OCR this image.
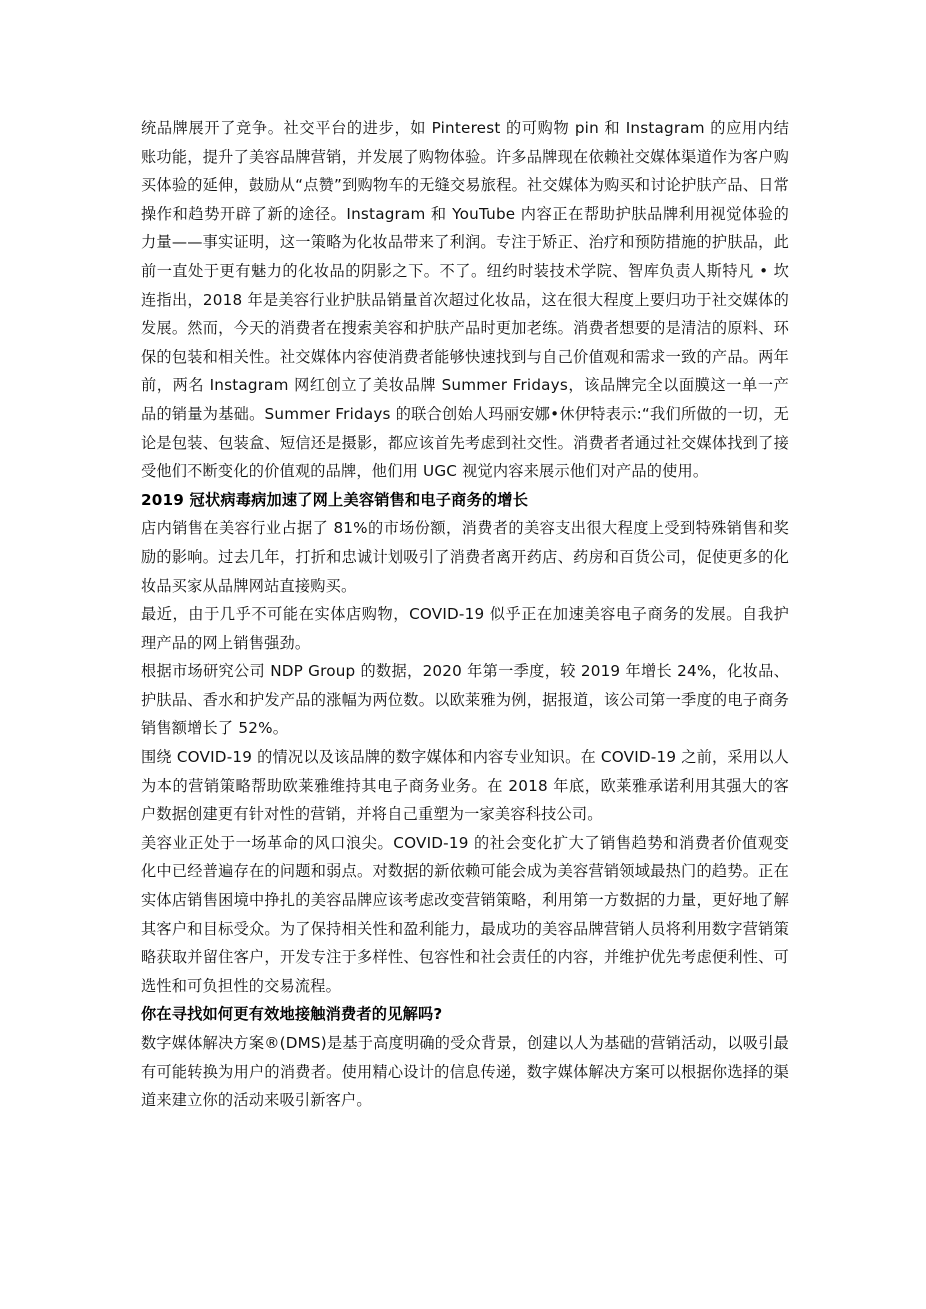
统品牌展开了竞争。社交平台的进步，如 Pinterest 的可购物 pin 和 Instagram 的应用内结账功能，提升了美容品牌营销，并发展了购物体验。许多品牌现在依赖社交媒体渠道作为客户购买体验的延伸，鼓励从“点赞”到购物车的无缝交易旅程。社交媒体为购买和讨论护肤产品、日常操作和趋势开辟了新的途径。Instagram 和 YouTube 内容正在帮助护肤品牌利用视觉体验的力量——事实证明，这一策略为化妆品带来了利润。专注于矫正、治疗和预防措施的护肤品，此前一直处于更有魅力的化妆品的阴影之下。不了。纽约时装技术学院、智库负责人斯特凡 • 坎连指出，2018 年是美容行业护肤品销量首次超过化妆品，这在很大程度上要归功于社交媒体的发展。然而，今天的消费者在搜索美容和护肤产品时更加老练。消费者想要的是清洁的原料、环保的包装和相关性。社交媒体内容使消费者能够快速找到与自己价值观和需求一致的产品。两年前，两名 Instagram 网红创立了美妆品牌 Summer Fridays，该品牌完全以面膜这一单一产品的销量为基础。Summer Fridays 的联合创始人玛丽安娜•休伊特表示:“我们所做的一切，无论是包装、包装盒、短信还是摄影，都应该首先考虑到社交性。消费者者通过社交媒体找到了接受他们不断变化的价值观的品牌，他们用 UGC 视觉内容来展示他们对产品的使用。

2019 冠状病毒病加速了网上美容销售和电子商务的增长

店内销售在美容行业占据了 81%的市场份额，消费者的美容支出很大程度上受到特殊销售和奖励的影响。过去几年，打折和忠诚计划吸引了消费者离开药店、药房和百货公司，促使更多的化妆品买家从品牌网站直接购买。

最近，由于几乎不可能在实体店购物，COVID-19 似乎正在加速美容电子商务的发展。自我护理产品的网上销售强劲。

根据市场研究公司 NDP Group 的数据，2020 年第一季度，较 2019 年增长 24%，化妆品、护肤品、香水和护发产品的涨幅为两位数。以欧莱雅为例，据报道，该公司第一季度的电子商务销售额增长了 52%。

围绕 COVID-19 的情况以及该品牌的数字媒体和内容专业知识。在 COVID-19 之前，采用以人为本的营销策略帮助欧莱雅维持其电子商务业务。在 2018 年底，欧莱雅承诺利用其强大的客户数据创建更有针对性的营销，并将自己重塑为一家美容科技公司。

美容业正处于一场革命的风口浪尖。COVID-19 的社会变化扩大了销售趋势和消费者价值观变化中已经普遍存在的问题和弱点。对数据的新依赖可能会成为美容营销领域最热门的趋势。正在实体店销售困境中挣扎的美容品牌应该考虑改变营销策略，利用第一方数据的力量，更好地了解其客户和目标受众。为了保持相关性和盈利能力，最成功的美容品牌营销人员将利用数字营销策略获取并留住客户，开发专注于多样性、包容性和社会责任的内容，并维护优先考虑便利性、可选性和可负担性的交易流程。

你在寻找如何更有效地接触消费者的见解吗?

数字媒体解决方案®(DMS)是基于高度明确的受众背景，创建以人为基础的营销活动，以吸引最有可能转换为用户的消费者。使用精心设计的信息传递，数字媒体解决方案可以根据你选择的渠道来建立你的活动来吸引新客户。
